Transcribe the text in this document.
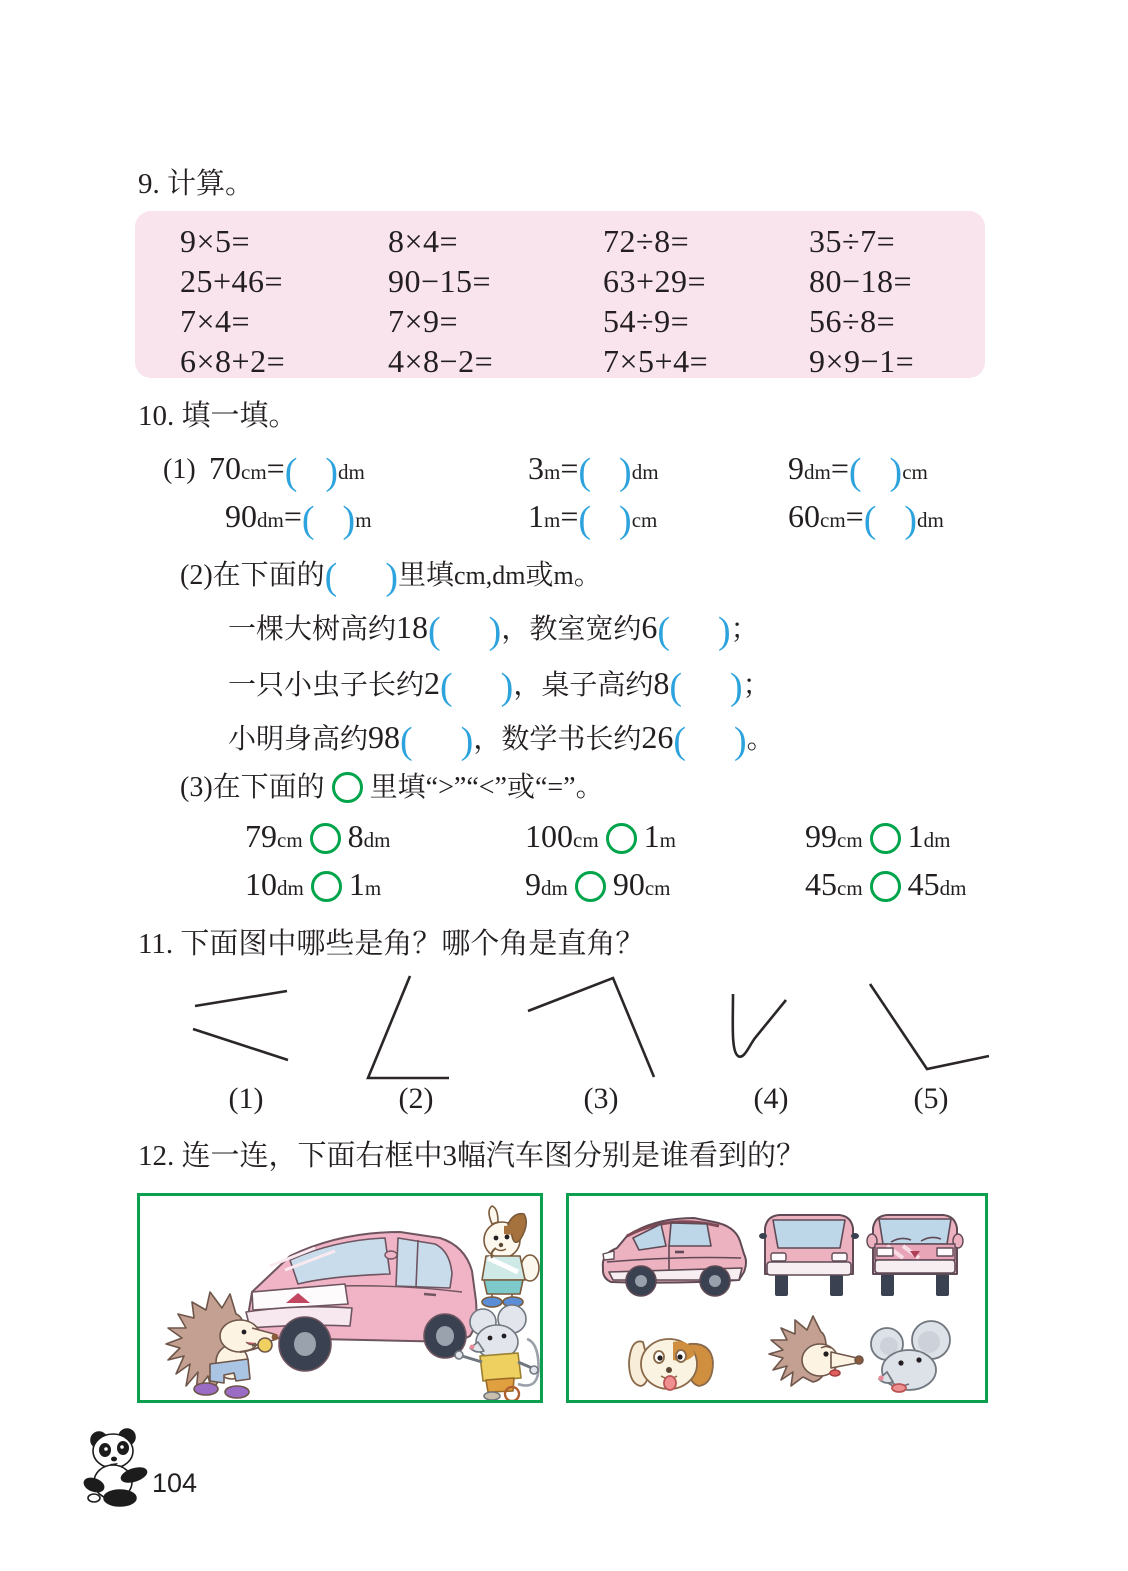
9. 计算。
9×5=	8×4=	72÷8=	35÷7=
25+46=	90−15=	63+29=	80−18=
7×4=	7×9=	54÷9=	56÷8=
6×8+2=	4×8−2=	7×5+4=	9×9−1=
10. 填一填。
(1) 70cm=( )dm	3m=( )dm	9dm=( )cm
90dm=( )m	1m=( )cm	60cm=( )dm
(2)在下面的( )里填cm,dm或m。
一棵大树高约18( )，教室宽约6( )；
一只小虫子长约2( )，桌子高约8( )；
小明身高约98( )，数学书长约26( )。
(3)在下面的 里填“>”“<”或“=”。
79cm 8dm	100cm 1m	99cm 1dm
10dm 1m	9dm 90cm	45cm 45dm
11. 下面图中哪些是角？哪个角是直角？
(1)	(2)	(3)	(4)	(5)
12. 连一连，下面右框中3幅汽车图分别是谁看到的？
104
